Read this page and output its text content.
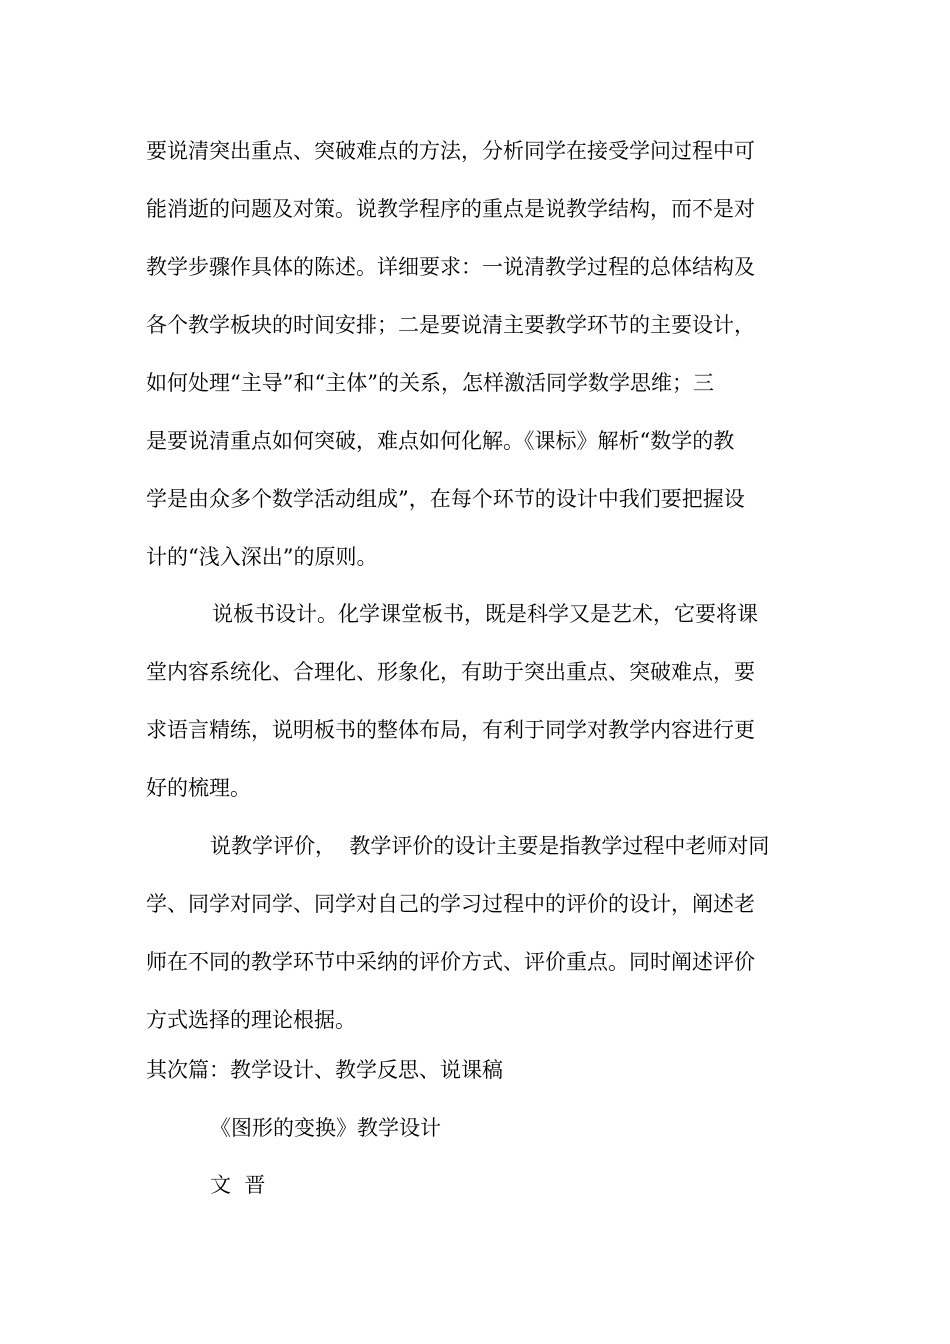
要说清突出重点、突破难点的方法，分析同学在接受学问过程中可
能消逝的问题及对策。说教学程序的重点是说教学结构，而不是对
教学步骤作具体的陈述。详细要求：一说清教学过程的总体结构及
各个教学板块的时间安排；二是要说清主要教学环节的主要设计，
如何处理“主导”和“主体”的关系，怎样激活同学数学思维；三
是要说清重点如何突破，难点如何化解。《课标》解析“数学的教
学是由众多个数学活动组成”，在每个环节的设计中我们要把握设
计的“浅入深出”的原则。
说板书设计。化学课堂板书，既是科学又是艺术，它要将课
堂内容系统化、合理化、形象化，有助于突出重点、突破难点，要
求语言精练，说明板书的整体布局，有利于同学对教学内容进行更
好的梳理。
说教学评价，  教学评价的设计主要是指教学过程中老师对同
学、同学对同学、同学对自己的学习过程中的评价的设计，阐述老
师在不同的教学环节中采纳的评价方式、评价重点。同时阐述评价
方式选择的理论根据。
其次篇：教学设计、教学反思、说课稿
《图形的变换》教学设计
文  晋
